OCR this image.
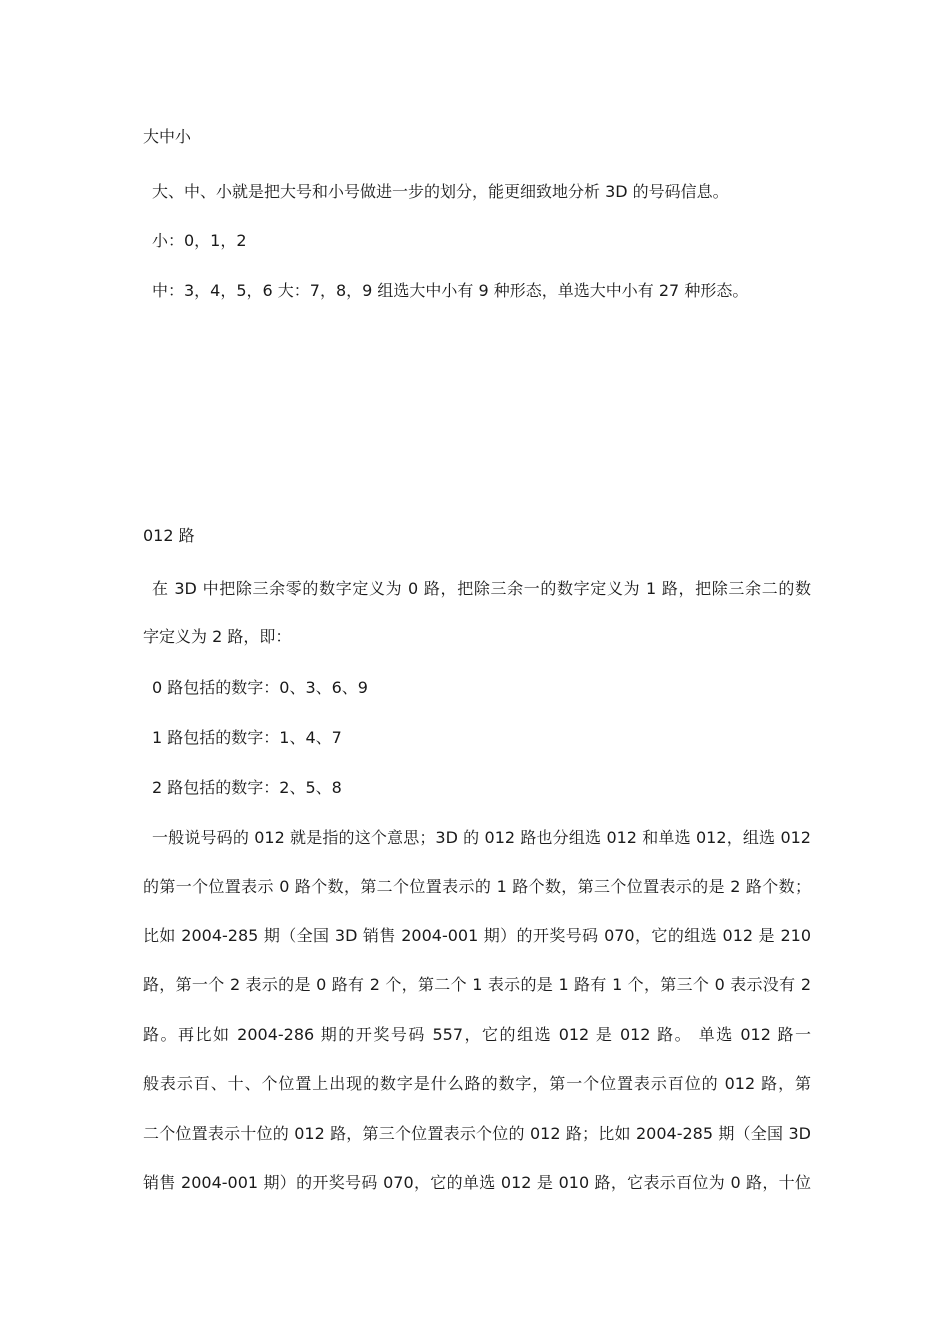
大中小
大、中、小就是把大号和小号做进一步的划分，能更细致地分析 3D 的号码信息。
小：0，1，2
中：3，4，5，6 大：7，8，9 组选大中小有 9 种形态，单选大中小有 27 种形态。
012 路
在 3D 中把除三余零的数字定义为 0 路，把除三余一的数字定义为 1 路，把除三余二的数
字定义为 2 路，即：
0 路包括的数字：0、3、6、9
1 路包括的数字：1、4、7
2 路包括的数字：2、5、8
一般说号码的 012 就是指的这个意思；3D 的 012 路也分组选 012 和单选 012，组选 012
的第一个位置表示 0 路个数，第二个位置表示的 1 路个数，第三个位置表示的是 2 路个数；
比如 2004-285 期（全国 3D 销售 2004-001 期）的开奖号码 070，它的组选 012 是 210
路，第一个 2 表示的是 0 路有 2 个，第二个 1 表示的是 1 路有 1 个，第三个 0 表示没有 2
路。再比如 2004-286 期的开奖号码 557，它的组选 012 是 012 路。 单选 012 路一
般表示百、十、个位置上出现的数字是什么路的数字，第一个位置表示百位的 012 路，第
二个位置表示十位的 012 路，第三个位置表示个位的 012 路；比如 2004-285 期（全国 3D
销售 2004-001 期）的开奖号码 070，它的单选 012 是 010 路，它表示百位为 0 路，十位
